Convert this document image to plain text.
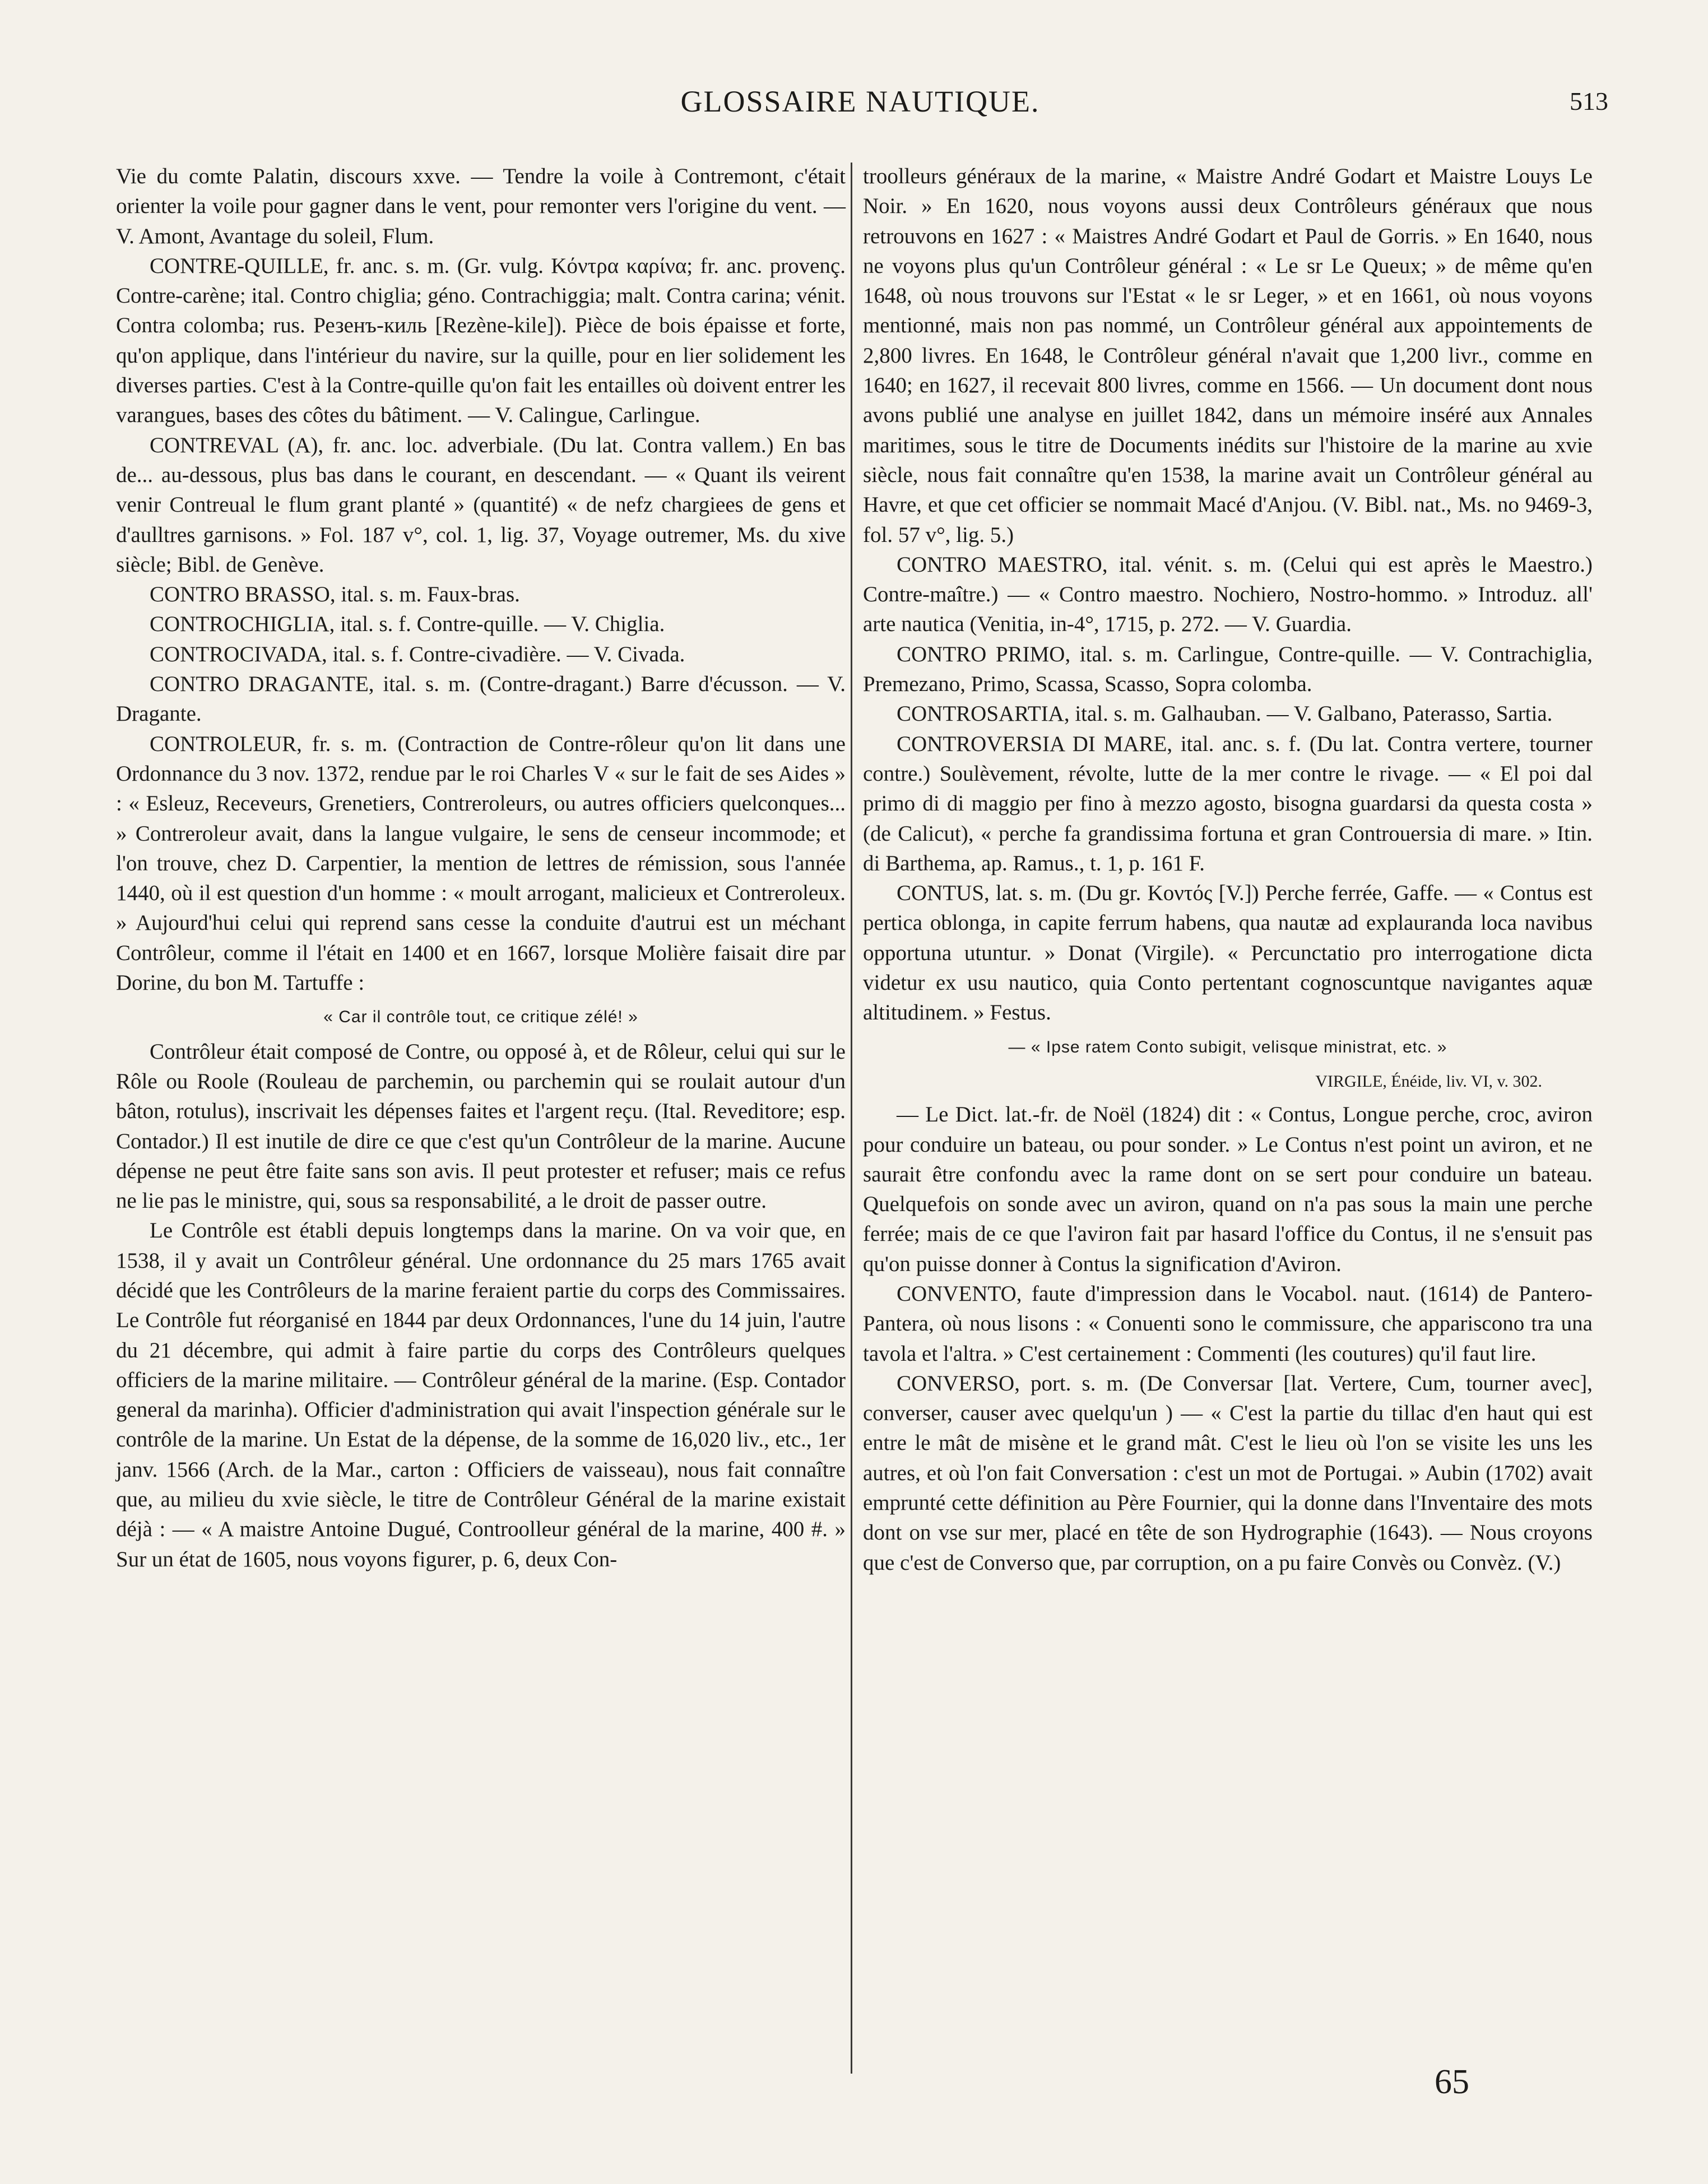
GLOSSAIRE NAUTIQUE.	513

Vie du comte Palatin, discours xxve. — Tendre la voile à Contremont, c'était orienter la voile pour gagner dans le vent, pour remonter vers l'origine du vent. — V. Amont, Avantage du soleil, Flum.

CONTRE-QUILLE, fr. anc. s. m. (Gr. vulg. Κόντρα καρίνα; fr. anc. provenç. Contre-carène; ital. Contro chiglia; géno. Contrachiggia; malt. Contra carina; vénit. Contra colomba; rus. Резенъ-киль [Rezène-kile]). Pièce de bois épaisse et forte, qu'on applique, dans l'intérieur du navire, sur la quille, pour en lier solidement les diverses parties. C'est à la Contre-quille qu'on fait les entailles où doivent entrer les varangues, bases des côtes du bâtiment. — V. Calingue, Carlingue.

CONTREVAL (A), fr. anc. loc. adverbiale. (Du lat. Contra vallem.) En bas de... au-dessous, plus bas dans le courant, en descendant. — « Quant ils veirent venir Contreual le flum grant planté » (quantité) « de nefz chargiees de gens et d'aulltres garnisons. » Fol. 187 v°, col. 1, lig. 37, Voyage outremer, Ms. du xive siècle; Bibl. de Genève.

CONTRO BRASSO, ital. s. m. Faux-bras.

CONTROCHIGLIA, ital. s. f. Contre-quille. — V. Chiglia.

CONTROCIVADA, ital. s. f. Contre-civadière. — V. Civada.

CONTRO DRAGANTE, ital. s. m. (Contre-dragant.) Barre d'écusson. — V. Dragante.

CONTROLEUR, fr. s. m. (Contraction de Contre-rôleur qu'on lit dans une Ordonnance du 3 nov. 1372, rendue par le roi Charles V « sur le fait de ses Aides » : « Esleuz, Receveurs, Grenetiers, Contreroleurs, ou autres officiers quelconques... » Contreroleur avait, dans la langue vulgaire, le sens de censeur incommode; et l'on trouve, chez D. Carpentier, la mention de lettres de rémission, sous l'année 1440, où il est question d'un homme : « moult arrogant, malicieux et Contreroleux. » Aujourd'hui celui qui reprend sans cesse la conduite d'autrui est un méchant Contrôleur, comme il l'était en 1400 et en 1667, lorsque Molière faisait dire par Dorine, du bon M. Tartuffe :

« Car il contrôle tout, ce critique zélé! »

Contrôleur était composé de Contre, ou opposé à, et de Rôleur, celui qui sur le Rôle ou Roole (Rouleau de parchemin, ou parchemin qui se roulait autour d'un bâton, rotulus), inscrivait les dépenses faites et l'argent reçu. (Ital. Reveditore; esp. Contador.) Il est inutile de dire ce que c'est qu'un Contrôleur de la marine. Aucune dépense ne peut être faite sans son avis. Il peut protester et refuser; mais ce refus ne lie pas le ministre, qui, sous sa responsabilité, a le droit de passer outre.

Le Contrôle est établi depuis longtemps dans la marine. On va voir que, en 1538, il y avait un Contrôleur général. Une ordonnance du 25 mars 1765 avait décidé que les Contrôleurs de la marine feraient partie du corps des Commissaires. Le Contrôle fut réorganisé en 1844 par deux Ordonnances, l'une du 14 juin, l'autre du 21 décembre, qui admit à faire partie du corps des Contrôleurs quelques officiers de la marine militaire. — Contrôleur général de la marine. (Esp. Contador general da marinha). Officier d'administration qui avait l'inspection générale sur le contrôle de la marine. Un Estat de la dépense, de la somme de 16,020 liv., etc., 1er janv. 1566 (Arch. de la Mar., carton : Officiers de vaisseau), nous fait connaître que, au milieu du xvie siècle, le titre de Contrôleur Général de la marine existait déjà : — « A maistre Antoine Dugué, Controolleur général de la marine, 400 #. » Sur un état de 1605, nous voyons figurer, p. 6, deux Con-

troolleurs généraux de la marine, « Maistre André Godart et Maistre Louys Le Noir. » En 1620, nous voyons aussi deux Contrôleurs généraux que nous retrouvons en 1627 : « Maistres André Godart et Paul de Gorris. » En 1640, nous ne voyons plus qu'un Contrôleur général : « Le sr Le Queux; » de même qu'en 1648, où nous trouvons sur l'Estat « le sr Leger, » et en 1661, où nous voyons mentionné, mais non pas nommé, un Contrôleur général aux appointements de 2,800 livres. En 1648, le Contrôleur général n'avait que 1,200 livr., comme en 1640; en 1627, il recevait 800 livres, comme en 1566. — Un document dont nous avons publié une analyse en juillet 1842, dans un mémoire inséré aux Annales maritimes, sous le titre de Documents inédits sur l'histoire de la marine au xvie siècle, nous fait connaître qu'en 1538, la marine avait un Contrôleur général au Havre, et que cet officier se nommait Macé d'Anjou. (V. Bibl. nat., Ms. no 9469-3, fol. 57 v°, lig. 5.)

CONTRO MAESTRO, ital. vénit. s. m. (Celui qui est après le Maestro.) Contre-maître.) — « Contro maestro. Nochiero, Nostro-hommo. » Introduz. all' arte nautica (Venitia, in-4°, 1715, p. 272. — V. Guardia.

CONTRO PRIMO, ital. s. m. Carlingue, Contre-quille. — V. Contrachiglia, Premezano, Primo, Scassa, Scasso, Sopra colomba.

CONTROSARTIA, ital. s. m. Galhauban. — V. Galbano, Paterasso, Sartia.

CONTROVERSIA DI MARE, ital. anc. s. f. (Du lat. Contra vertere, tourner contre.) Soulèvement, révolte, lutte de la mer contre le rivage. — « El poi dal primo di di maggio per fino à mezzo agosto, bisogna guardarsi da questa costa » (de Calicut), « perche fa grandissima fortuna et gran Controuersia di mare. » Itin. di Barthema, ap. Ramus., t. 1, p. 161 F.

CONTUS, lat. s. m. (Du gr. Κοντός [V.]) Perche ferrée, Gaffe. — « Contus est pertica oblonga, in capite ferrum habens, qua nautæ ad explauranda loca navibus opportuna utuntur. » Donat (Virgile). « Percunctatio pro interrogatione dicta videtur ex usu nautico, quia Conto pertentant cognoscuntque navigantes aquæ altitudinem. » Festus.

— « Ipse ratem Conto subigit, velisque ministrat, etc. »

VIRGILE, Énéide, liv. VI, v. 302.

— Le Dict. lat.-fr. de Noël (1824) dit : « Contus, Longue perche, croc, aviron pour conduire un bateau, ou pour sonder. » Le Contus n'est point un aviron, et ne saurait être confondu avec la rame dont on se sert pour conduire un bateau. Quelquefois on sonde avec un aviron, quand on n'a pas sous la main une perche ferrée; mais de ce que l'aviron fait par hasard l'office du Contus, il ne s'ensuit pas qu'on puisse donner à Contus la signification d'Aviron.

CONVENTO, faute d'impression dans le Vocabol. naut. (1614) de Pantero-Pantera, où nous lisons : « Conuenti sono le commissure, che appariscono tra una tavola et l'altra. » C'est certainement : Commenti (les coutures) qu'il faut lire.

CONVERSO, port. s. m. (De Conversar [lat. Vertere, Cum, tourner avec], converser, causer avec quelqu'un ) — « C'est la partie du tillac d'en haut qui est entre le mât de misène et le grand mât. C'est le lieu où l'on se visite les uns les autres, et où l'on fait Conversation : c'est un mot de Portugai. » Aubin (1702) avait emprunté cette définition au Père Fournier, qui la donne dans l'Inventaire des mots dont on vse sur mer, placé en tête de son Hydrographie (1643). — Nous croyons que c'est de Converso que, par corruption, on a pu faire Convès ou Convèz. (V.)

65
